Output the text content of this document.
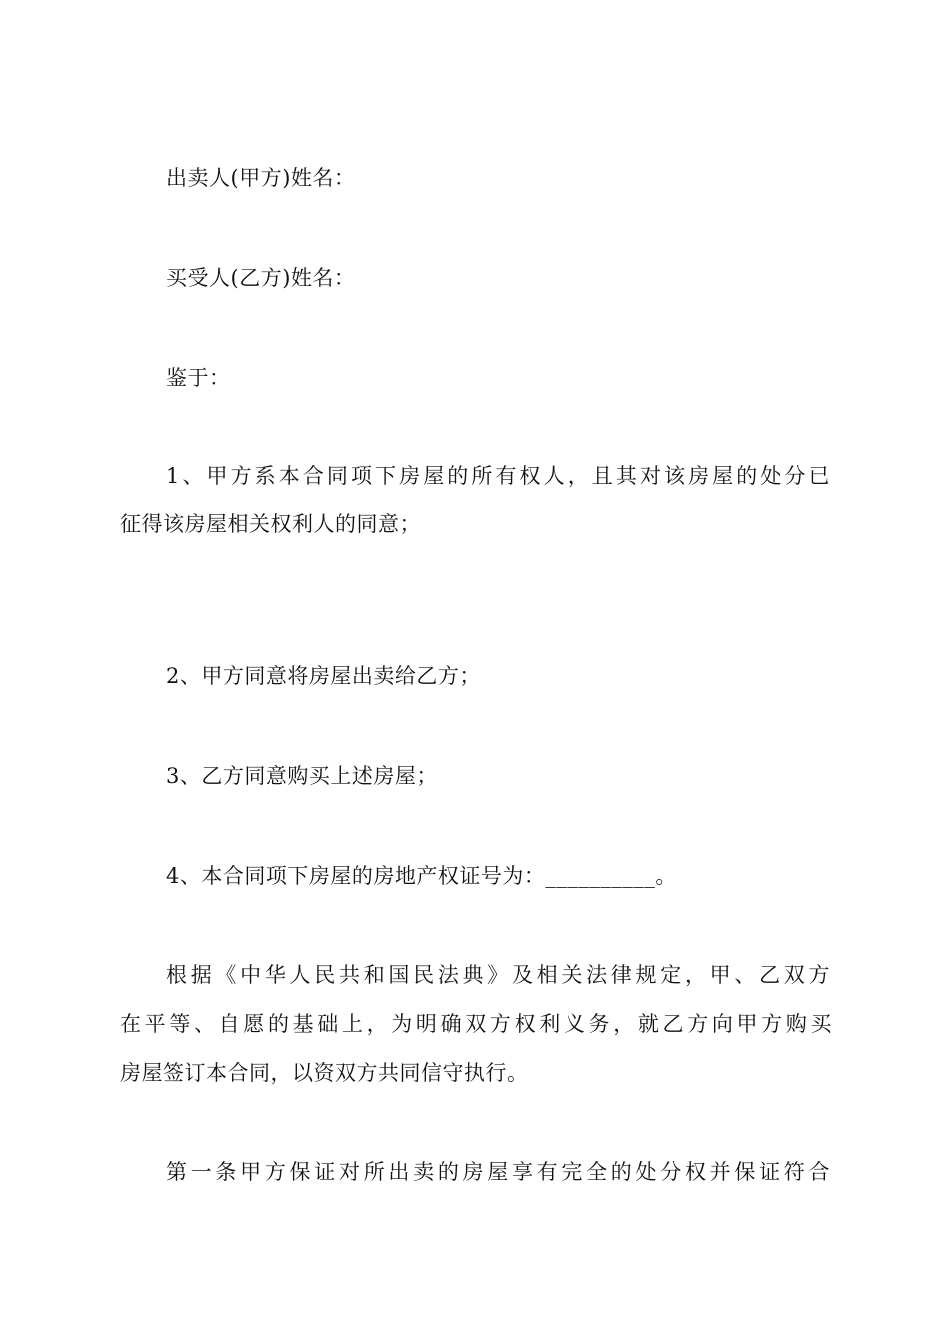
出卖人(甲方)姓名：
买受人(乙方)姓名：
鉴于：
1、甲方系本合同项下房屋的所有权人，且其对该房屋的处分已
征得该房屋相关权利人的同意；
2、甲方同意将房屋出卖给乙方；
3、乙方同意购买上述房屋；
4、本合同项下房屋的房地产权证号为：__________。
根据《中华人民共和国民法典》及相关法律规定，甲、乙双方
在平等、自愿的基础上，为明确双方权利义务，就乙方向甲方购买
房屋签订本合同，以资双方共同信守执行。
第一条甲方保证对所出卖的房屋享有完全的处分权并保证符合
